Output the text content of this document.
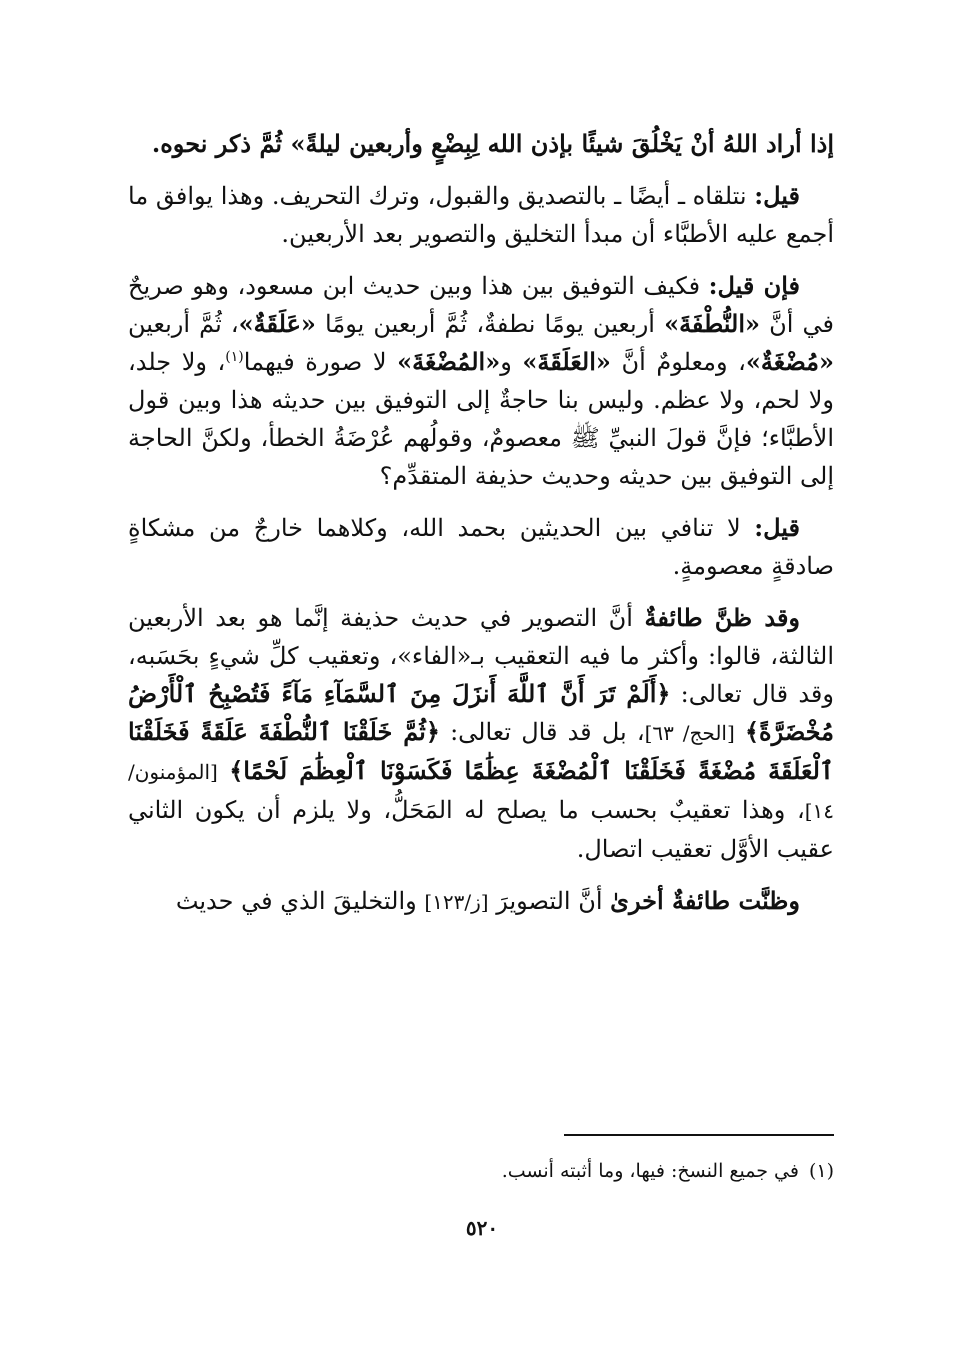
إذا أراد اللهُ أنْ يَخْلُقَ شيئًا بإذن الله لِبِضْعٍ وأربعين ليلةً» ثُمَّ ذكر نحوه.

قيل: نتلقاه ـ أيضًا ـ بالتصديق والقبول، وترك التحريف. وهذا يوافق ما أجمع عليه الأطبَّاء أن مبدأ التخليق والتصوير بعد الأربعين.

فإن قيل: فكيف التوفيق بين هذا وبين حديث ابن مسعود، وهو صريحٌ في أنَّ «النُّطْفَةَ» أربعين يومًا نطفةٌ، ثُمَّ أربعين يومًا «عَلَقَةٌ»، ثُمَّ أربعين «مُضْغَةٌ»، ومعلومٌ أنَّ «العَلَقَةَ» و«المُضْغَةَ» لا صورة فيهما$^{(١)}$، ولا جلد، ولا لحم، ولا عظم. وليس بنا حاجةٌ إلى التوفيق بين حديثه هذا وبين قول الأطبَّاء؛ فإنَّ قولَ النبيِّ ﷺ معصومٌ، وقولُهم عُرْضَةُ الخطأ، ولكنَّ الحاجة إلى التوفيق بين حديثه وحديث حذيفة المتقدِّم؟

قيل: لا تنافي بين الحديثين بحمد الله، وكلاهما خارجٌ من مشكاةٍ صادقةٍ معصومةٍ.

وقد ظنَّ طائفةٌ أنَّ التصوير في حديث حذيفة إنَّما هو بعد الأربعين الثالثة، قالوا: وأكثر ما فيه التعقيب بـ«الفاء»، وتعقيب كلِّ شيءٍ بحَسَبه، وقد قال تعالى: ﴿أَلَمْ تَرَ أَنَّ ٱللَّهَ أَنزَلَ مِنَ ٱلسَّمَآءِ مَآءً فَتُصْبِحُ ٱلْأَرْضُ مُخْضَرَّةً﴾ [الحج/ ٦٣]، بل قد قال تعالى: ﴿ثُمَّ خَلَقْنَا ٱلنُّطْفَةَ عَلَقَةً فَخَلَقْنَا ٱلْعَلَقَةَ مُضْغَةً فَخَلَقْنَا ٱلْمُضْغَةَ عِظَٰمًا فَكَسَوْنَا ٱلْعِظَٰمَ لَحْمًا﴾ [المؤمنون/ ١٤]، وهذا تعقيبٌ بحسب ما يصلح له المَحَلُّ، ولا يلزم أن يكون الثاني عقيب الأوَّل تعقيب اتصال.

وظنَّت طائفةٌ أخرىٰ أنَّ التصويرَ [ز/١٢٣] والتخليقَ الذي في حديث

(١)في جميع النسخ: فيها، وما أثبته أنسب.
٥٢٠
